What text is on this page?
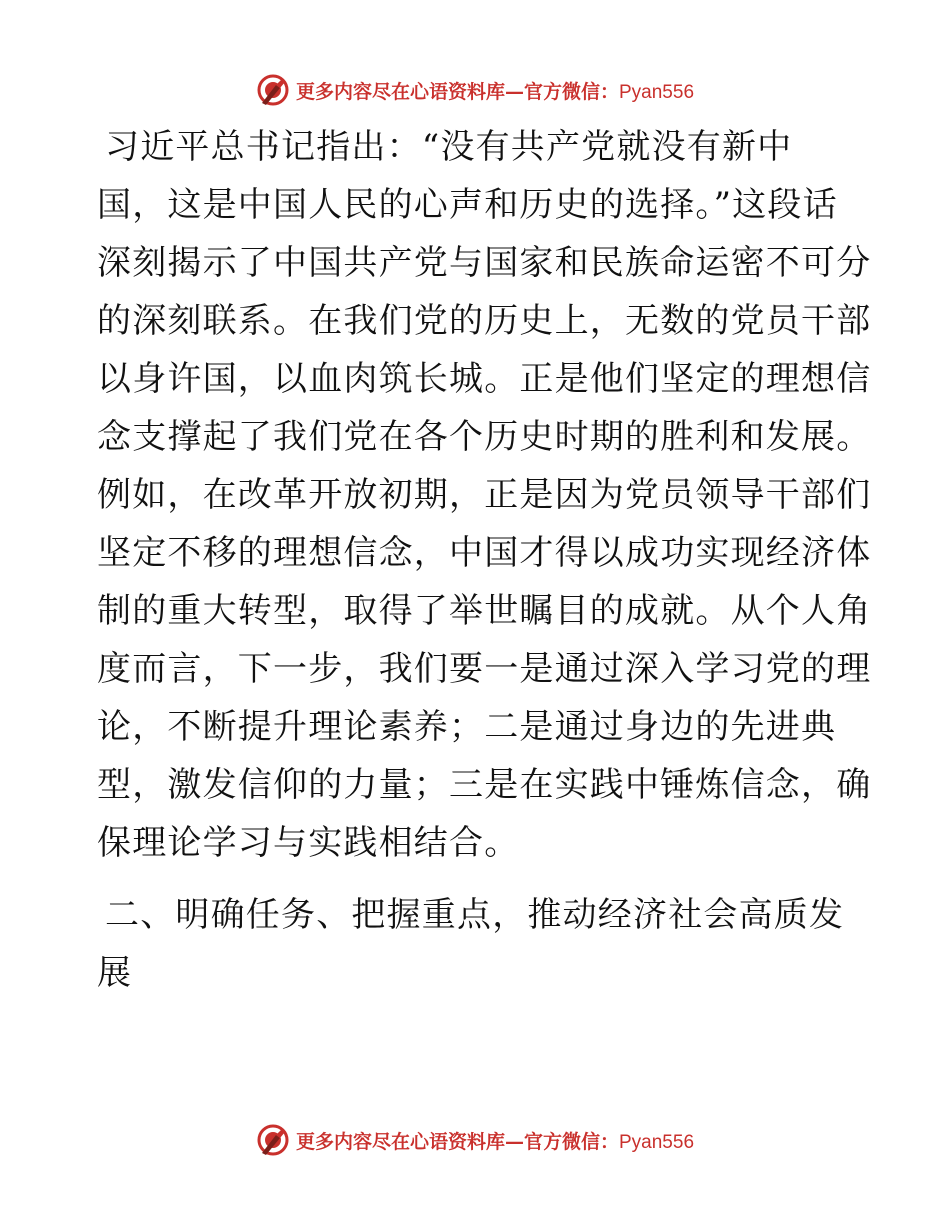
更多内容尽在心语资料库—官方微信：Pyan556
习近平总书记指出：“没有共产党就没有新中
国，这是中国人民的心声和历史的选择。”这段话
深刻揭示了中国共产党与国家和民族命运密不可分
的深刻联系。在我们党的历史上，无数的党员干部
以身许国，以血肉筑长城。正是他们坚定的理想信
念支撑起了我们党在各个历史时期的胜利和发展。
例如，在改革开放初期，正是因为党员领导干部们
坚定不移的理想信念，中国才得以成功实现经济体
制的重大转型，取得了举世瞩目的成就。从个人角
度而言，下一步，我们要一是通过深入学习党的理
论，不断提升理论素养；二是通过身边的先进典
型，激发信仰的力量；三是在实践中锤炼信念，确
保理论学习与实践相结合。
二、明确任务、把握重点，推动经济社会高质发
展
更多内容尽在心语资料库—官方微信：Pyan556
